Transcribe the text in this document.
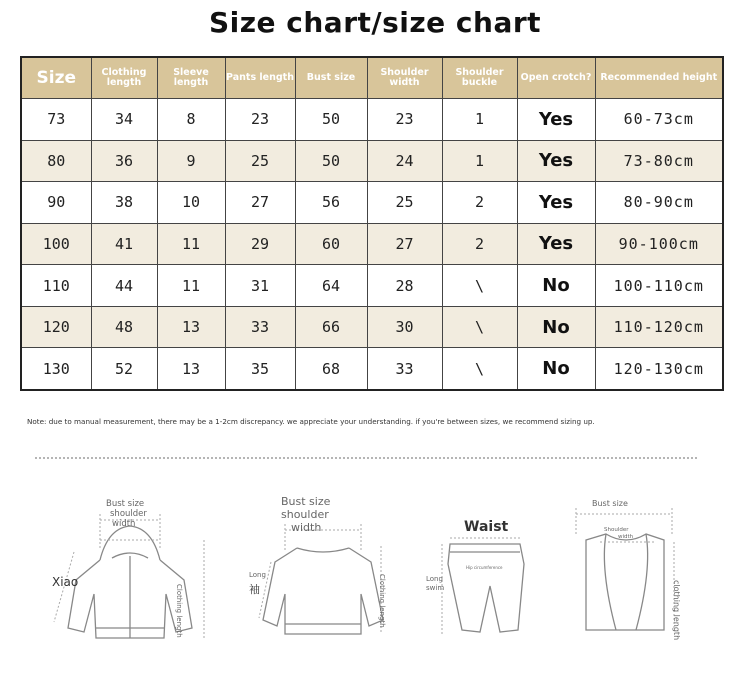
Size chart/size chart
Size	Clothing length	Sleeve length	Pants length	Bust size	Shoulder width	Shoulder buckle	Open crotch?	Recommended height
73	34	8	23	50	23	1	Yes	60-73cm
80	36	9	25	50	24	1	Yes	73-80cm
90	38	10	27	56	25	2	Yes	80-90cm
100	41	11	29	60	27	2	Yes	90-100cm
110	44	11	31	64	28	\	No	100-110cm
120	48	13	33	66	30	\	No	110-120cm
130	52	13	35	68	33	\	No	120-130cm
Note: due to manual measurement, there may be a 1-2cm discrepancy. we appreciate your understanding. if you're between sizes, we recommend sizing up.
Bust size
shoulder
width
Xiao
Clothing length
Bust size
shoulder
width
Long
袖	Clothing length
Waist
Long
swim
Hip circumference
Bust size
Shoulder
width
clothing length
